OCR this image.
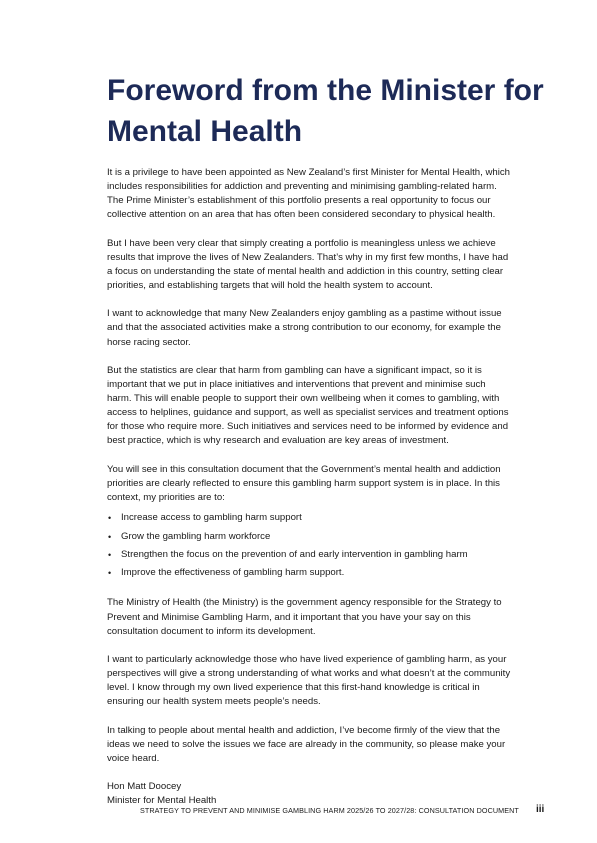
Foreword from the Minister for Mental Health

It is a privilege to have been appointed as New Zealand’s first Minister for Mental Health, which includes responsibilities for addiction and preventing and minimising gambling-related harm. The Prime Minister’s establishment of this portfolio presents a real opportunity to focus our collective attention on an area that has often been considered secondary to physical health.

But I have been very clear that simply creating a portfolio is meaningless unless we achieve results that improve the lives of New Zealanders. That’s why in my first few months, I have had a focus on understanding the state of mental health and addiction in this country, setting clear priorities, and establishing targets that will hold the health system to account.

I want to acknowledge that many New Zealanders enjoy gambling as a pastime without issue and that the associated activities make a strong contribution to our economy, for example the horse racing sector.

But the statistics are clear that harm from gambling can have a significant impact, so it is important that we put in place initiatives and interventions that prevent and minimise such harm. This will enable people to support their own wellbeing when it comes to gambling, with access to helplines, guidance and support, as well as specialist services and treatment options for those who require more. Such initiatives and services need to be informed by evidence and best practice, which is why research and evaluation are key areas of investment.

You will see in this consultation document that the Government’s mental health and addiction priorities are clearly reflected to ensure this gambling harm support system is in place. In this context, my priorities are to:

• Increase access to gambling harm support
• Grow the gambling harm workforce
• Strengthen the focus on the prevention of and early intervention in gambling harm
• Improve the effectiveness of gambling harm support.

The Ministry of Health (the Ministry) is the government agency responsible for the Strategy to Prevent and Minimise Gambling Harm, and it important that you have your say on this consultation document to inform its development.

I want to particularly acknowledge those who have lived experience of gambling harm, as your perspectives will give a strong understanding of what works and what doesn’t at the community level. I know through my own lived experience that this first-hand knowledge is critical in ensuring our health system meets people’s needs.

In talking to people about mental health and addiction, I’ve become firmly of the view that the ideas we need to solve the issues we face are already in the community, so please make your voice heard.

Hon Matt Doocey

Minister for Mental Health

STRATEGY TO PREVENT AND MINIMISE GAMBLING HARM 2025/26 TO 2027/28: CONSULTATION DOCUMENT iii
